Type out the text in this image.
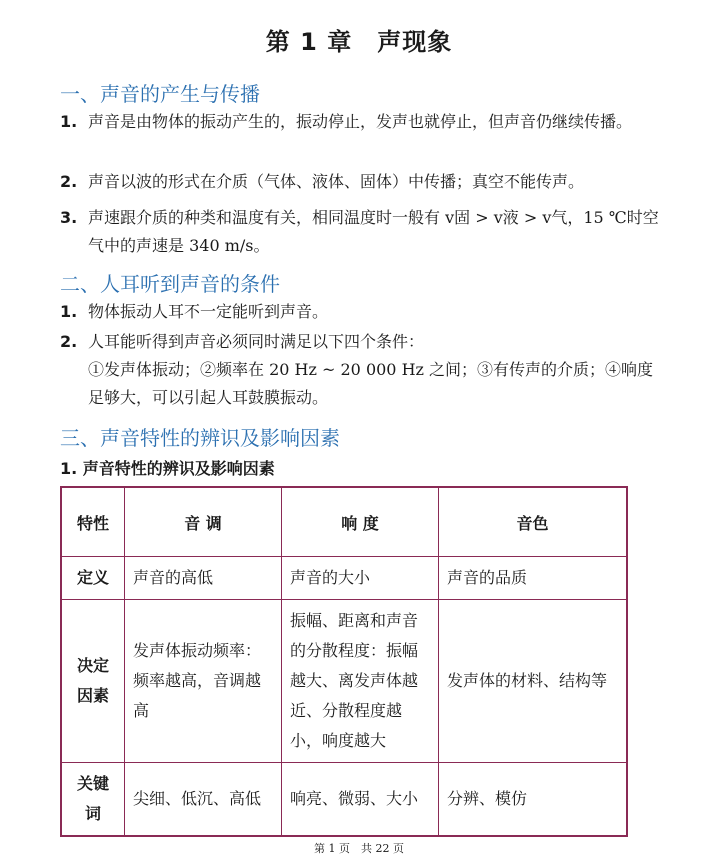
第 1 章　声现象
一、声音的产生与传播
1. 声音是由物体的振动产生的，振动停止，发声也就停止，但声音仍继续传播。
2. 声音以波的形式在介质（气体、液体、固体）中传播；真空不能传声。
3. 声速跟介质的种类和温度有关，相同温度时一般有 v固 > v液 > v气，15 ℃时空气中的声速是 340 m/s。
二、人耳听到声音的条件
1. 物体振动人耳不一定能听到声音。
2. 人耳能听得到声音必须同时满足以下四个条件：
①发声体振动；②频率在 20 Hz ~ 20 000 Hz 之间；③有传声的介质；④响度足够大，可以引起人耳鼓膜振动。
三、声音特性的辨识及影响因素
1. 声音特性的辨识及影响因素
特性	音 调	响 度	音色
定义	声音的高低	声音的大小	声音的品质
决定因素	发声体振动频率：频率越高，音调越高	振幅、距离和声音的分散程度：振幅越大、离发声体越近、分散程度越小，响度越大	发声体的材料、结构等
关键词	尖细、低沉、高低	响亮、微弱、大小	分辨、模仿
第 1 页　共 22 页
